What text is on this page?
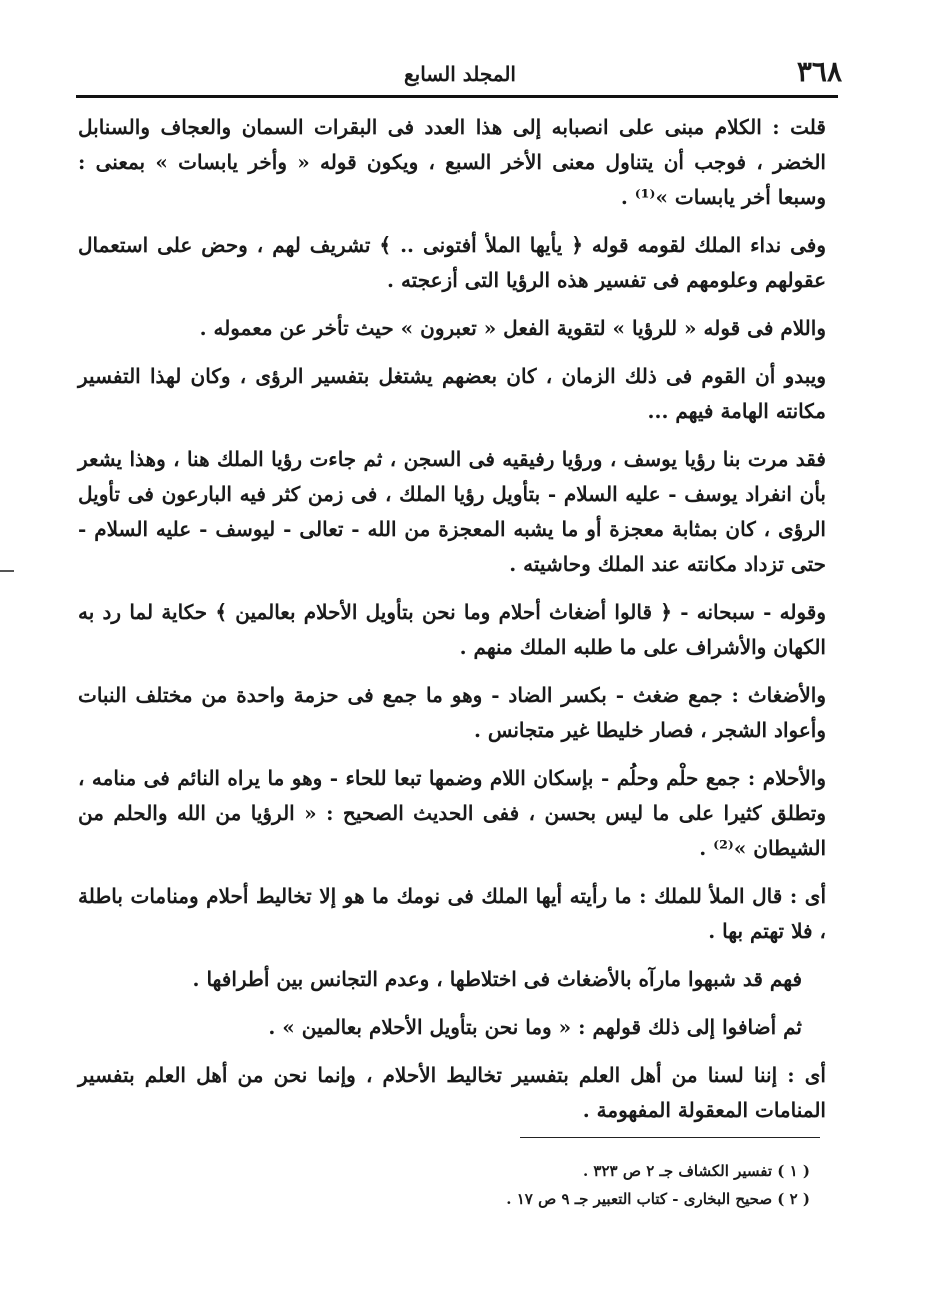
٣٦٨
المجلد السابع

قلت : الكلام مبنى على انصبابه إلى هذا العدد فى البقرات السمان والعجاف والسنابل الخضر ، فوجب أن يتناول معنى الأخر السبع ، ويكون قوله « وأخر يابسات » بمعنى : وسبعا أخر يابسات »⁽¹⁾ .

وفى نداء الملك لقومه قوله ﴿ يأيها الملأ أفتونى .. ﴾ تشريف لهم ، وحض على استعمال عقولهم وعلومهم فى تفسير هذه الرؤيا التى أزعجته .

واللام فى قوله « للرؤيا » لتقوية الفعل « تعبرون » حيث تأخر عن معموله .

ويبدو أن القوم فى ذلك الزمان ، كان بعضهم يشتغل بتفسير الرؤى ، وكان لهذا التفسير مكانته الهامة فيهم ...

فقد مرت بنا رؤيا يوسف ، ورؤيا رفيقيه فى السجن ، ثم جاءت رؤيا الملك هنا ، وهذا يشعر بأن انفراد يوسف - عليه السلام - بتأويل رؤيا الملك ، فى زمن كثر فيه البارعون فى تأويل الرؤى ، كان بمثابة معجزة أو ما يشبه المعجزة من الله - تعالى - ليوسف - عليه السلام - حتى تزداد مكانته عند الملك وحاشيته .

وقوله - سبحانه - ﴿ قالوا أضغاث أحلام وما نحن بتأويل الأحلام بعالمين ﴾ حكاية لما رد به الكهان والأشراف على ما طلبه الملك منهم .

والأضغاث : جمع ضغث - بكسر الضاد - وهو ما جمع فى حزمة واحدة من مختلف النبات وأعواد الشجر ، فصار خليطا غير متجانس .

والأحلام : جمع حلْم وحلُم - بإسكان اللام وضمها تبعا للحاء - وهو ما يراه النائم فى منامه ، وتطلق كثيرا على ما ليس بحسن ، ففى الحديث الصحيح : « الرؤيا من الله والحلم من الشيطان »⁽²⁾ .

أى : قال الملأ للملك : ما رأيته أيها الملك فى نومك ما هو إلا تخاليط أحلام ومنامات باطلة ، فلا تهتم بها .

فهم قد شبهوا مارآه بالأضغاث فى اختلاطها ، وعدم التجانس بين أطرافها .

ثم أضافوا إلى ذلك قولهم : « وما نحن بتأويل الأحلام بعالمين » .

أى : إننا لسنا من أهل العلم بتفسير تخاليط الأحلام ، وإنما نحن من أهل العلم بتفسير المنامات المعقولة المفهومة .

( ١ ) تفسير الكشاف جـ ٢ ص ٣٢٣ .
( ٢ ) صحيح البخارى - كتاب التعبير جـ ٩ ص ١٧ .
